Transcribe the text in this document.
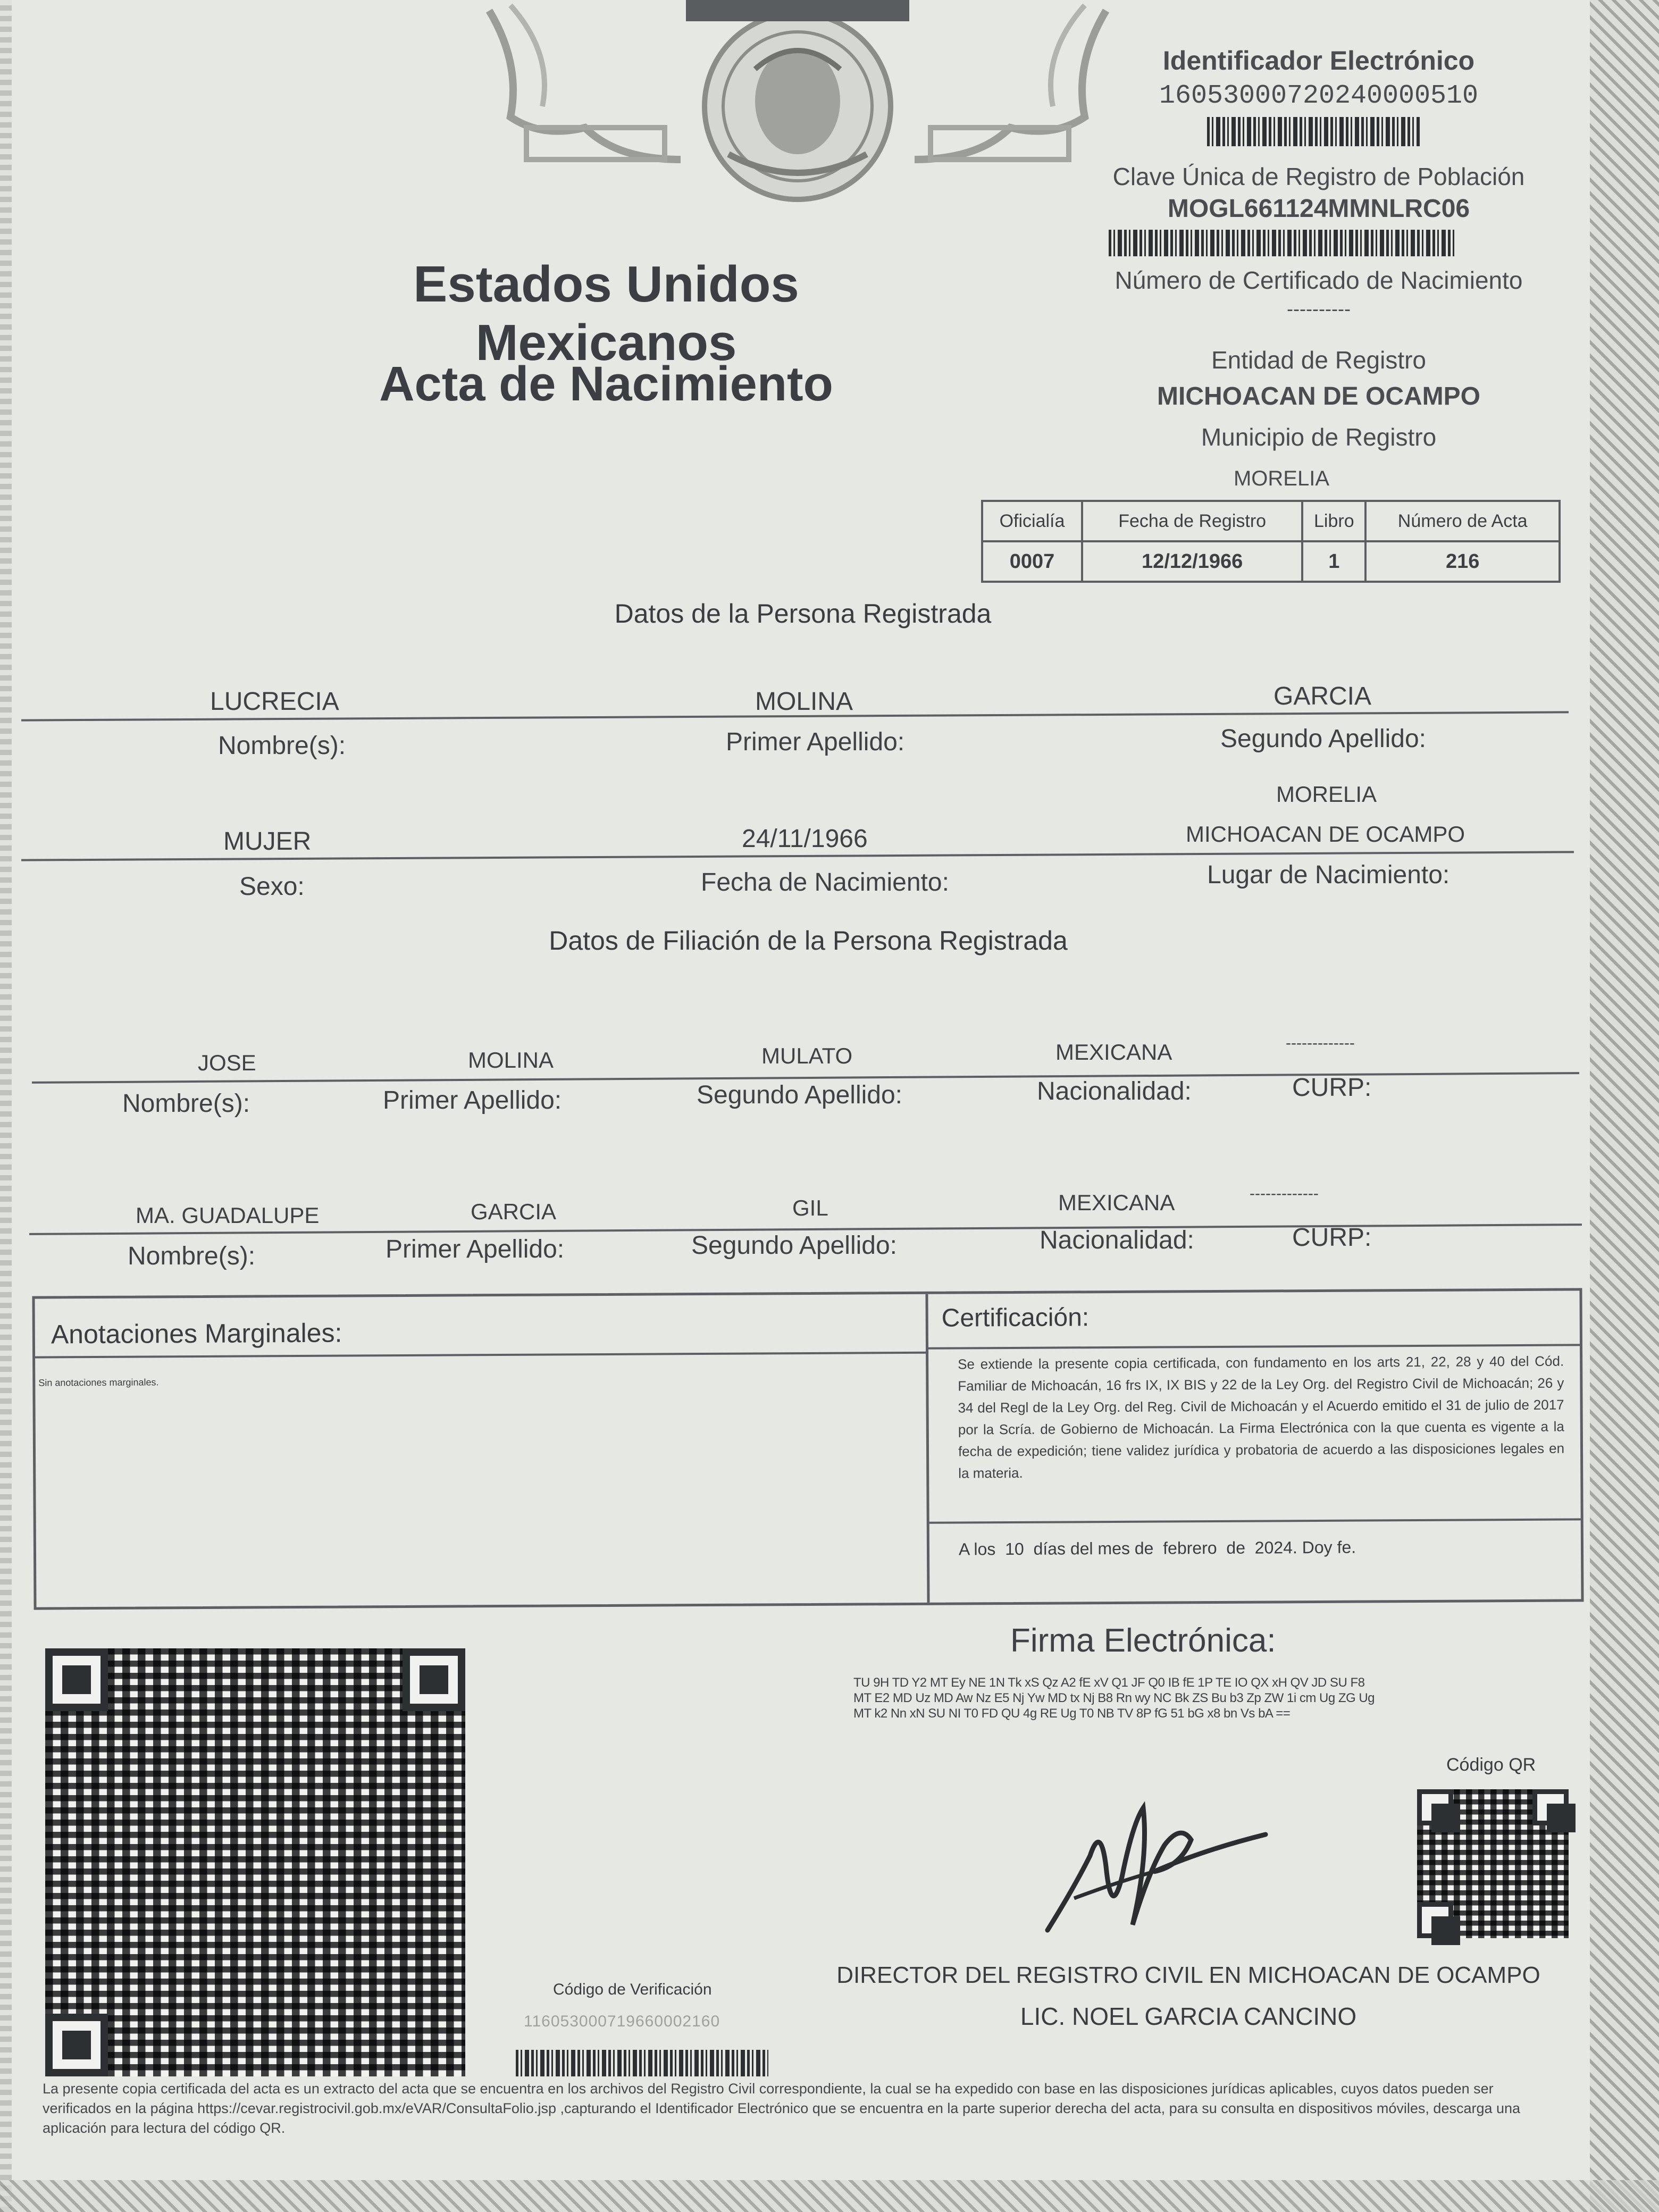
Estados Unidos Mexicanos
Acta de Nacimiento
Identificador Electrónico
16053000720240000510
Clave Única de Registro de Población
MOGL661124MMNLRC06
Número de Certificado de Nacimiento
----------
Entidad de Registro
MICHOACAN DE OCAMPO
Municipio de Registro
MORELIA
Oficialía	Fecha de Registro	Libro	Número de Acta
0007	12/12/1966	1	216
Datos de la Persona Registrada
LUCRECIA	MOLINA	GARCIA
Nombre(s):	Primer Apellido:	Segundo Apellido:
MORELIA
MUJER	24/11/1966	MICHOACAN DE OCAMPO
Sexo:	Fecha de Nacimiento:	Lugar de Nacimiento:
Datos de Filiación de la Persona Registrada
JOSE	MOLINA	MULATO	MEXICANA	-------------
Nombre(s):	Primer Apellido:	Segundo Apellido:	Nacionalidad:	CURP:
MA. GUADALUPE	GARCIA	GIL	MEXICANA	-------------
Nombre(s):	Primer Apellido:	Segundo Apellido:	Nacionalidad:	CURP:
Anotaciones Marginales:
Sin anotaciones marginales.
Certificación:
Se extiende la presente copia certificada, con fundamento en los arts 21, 22, 28 y 40 del Cód. Familiar de Michoacán, 16 frs IX, IX BIS y 22 de la Ley Org. del Registro Civil de Michoacán; 26 y 34 del Regl de la Ley Org. del Reg. Civil de Michoacán y el Acuerdo emitido el 31 de julio de 2017 por la Scría. de Gobierno de Michoacán. La Firma Electrónica con la que cuenta es vigente a la fecha de expedición; tiene validez jurídica y probatoria de acuerdo a las disposiciones legales en la materia.
A los  10  días del mes de  febrero  de  2024. Doy fe.
Firma Electrónica:
TU 9H TD Y2 MT Ey NE 1N Tk xS Qz A2 fE xV Q1 JF Q0 IB fE 1P TE IO QX xH QV JD SU F8
MT E2 MD Uz MD Aw Nz E5 Nj Yw MD tx Nj B8 Rn wy NC Bk ZS Bu b3 Zp ZW 1i cm Ug ZG Ug
MT k2 Nn xN SU NI T0 FD QU 4g RE Ug T0 NB TV 8P fG 51 bG x8 bn Vs bA ==
Código QR
DIRECTOR DEL REGISTRO CIVIL EN MICHOACAN DE OCAMPO
LIC. NOEL GARCIA CANCINO
Código de Verificación
116053000719660002160
La presente copia certificada del acta es un extracto del acta que se encuentra en los archivos del Registro Civil correspondiente, la cual se ha expedido con base en las disposiciones jurídicas aplicables, cuyos datos pueden ser verificados en la página https://cevar.registrocivil.gob.mx/eVAR/ConsultaFolio.jsp ,capturando el Identificador Electrónico que se encuentra en la parte superior derecha del acta, para su consulta en dispositivos móviles, descarga una aplicación para lectura del código QR.
